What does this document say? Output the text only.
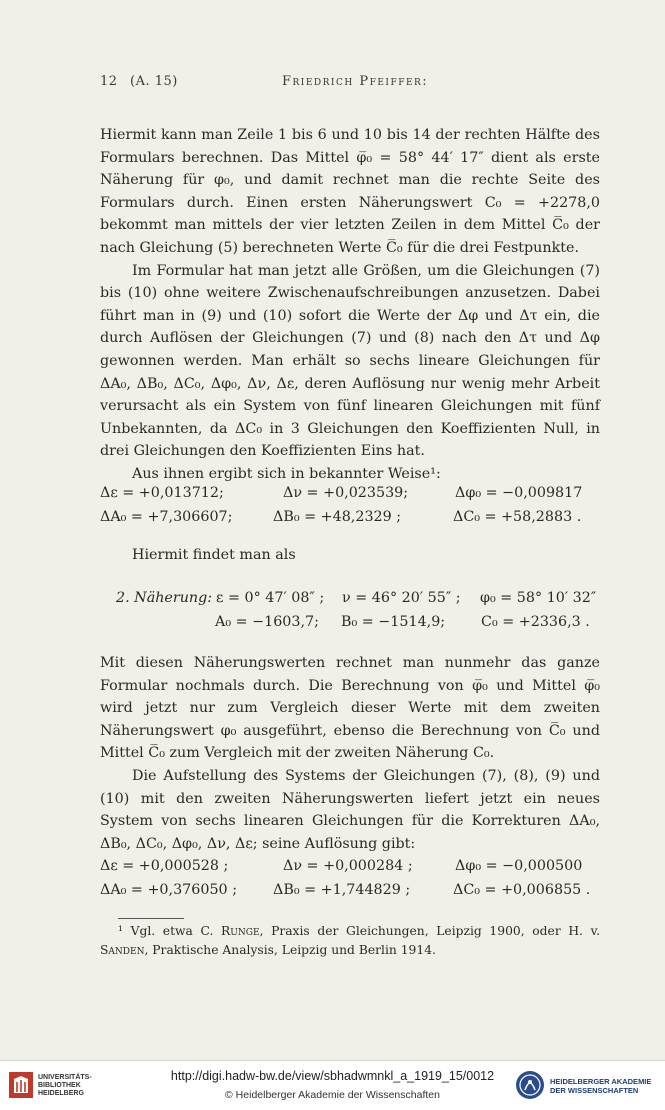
12 (A. 15)	Friedrich Pfeiffer:

Hiermit kann man Zeile 1 bis 6 und 10 bis 14 der rechten Hälfte des Formulars berechnen. Das Mittel φ̅₀ = 58° 44′ 17″ dient als erste Näherung für φ₀, und damit rechnet man die rechte Seite des Formulars durch. Einen ersten Näherungswert C₀ = +2278,0 bekommt man mittels der vier letzten Zeilen in dem Mittel C̅₀ der nach Gleichung (5) berechneten Werte C̅₀ für die drei Festpunkte.

Im Formular hat man jetzt alle Größen, um die Gleichungen (7) bis (10) ohne weitere Zwischenaufschreibungen anzusetzen. Dabei führt man in (9) und (10) sofort die Werte der Δφ und Δτ ein, die durch Auflösen der Gleichungen (7) und (8) nach den Δτ und Δφ gewonnen werden. Man erhält so sechs lineare Gleichungen für ΔA₀, ΔB₀, ΔC₀, Δφ₀, Δν, Δε, deren Auflösung nur wenig mehr Arbeit verursacht als ein System von fünf linearen Gleichungen mit fünf Unbekannten, da ΔC₀ in 3 Gleichungen den Koeffizienten Null, in drei Gleichungen den Koeffizienten Eins hat.

Aus ihnen ergibt sich in bekannter Weise¹:

Δε = +0,013712;	Δν = +0,023539;	Δφ₀ = −0,009817
ΔA₀ = +7,306607;	ΔB₀ = +48,2329 ;	ΔC₀ = +58,2883 .
Hiermit findet man als
2. Näherung: ε = 0° 47′ 08″ ; ν = 46° 20′ 55″ ; φ₀ = 58° 10′ 32″
A₀ = −1603,7; B₀ = −1514,9;	C₀ = +2336,3 .

Mit diesen Näherungswerten rechnet man nunmehr das ganze Formular nochmals durch. Die Berechnung von φ̅₀ und Mittel φ̅₀ wird jetzt nur zum Vergleich dieser Werte mit dem zweiten Näherungswert φ₀ ausgeführt, ebenso die Berechnung von C̅₀ und Mittel C̅₀ zum Vergleich mit der zweiten Näherung C₀.

Die Aufstellung des Systems der Gleichungen (7), (8), (9) und (10) mit den zweiten Näherungswerten liefert jetzt ein neues System von sechs linearen Gleichungen für die Korrekturen ΔA₀, ΔB₀, ΔC₀, Δφ₀, Δν, Δε; seine Auflösung gibt:

Δε = +0,000528 ;	Δν = +0,000284 ;	Δφ₀ = −0,000500
ΔA₀ = +0,376050 ;	ΔB₀ = +1,744829 ;	ΔC₀ = +0,006855 .
¹ Vgl. etwa C. Runge, Praxis der Gleichungen, Leipzig 1900, oder H. v. Sanden, Praktische Analysis, Leipzig und Berlin 1914.
UNIVERSITÄTS-
BIBLIOTHEK
HEIDELBERG
http://digi.hadw-bw.de/view/sbhadwmnkl_a_1919_15/0012
© Heidelberger Akademie der Wissenschaften
HEIDELBERGER AKADEMIE
DER WISSENSCHAFTEN
